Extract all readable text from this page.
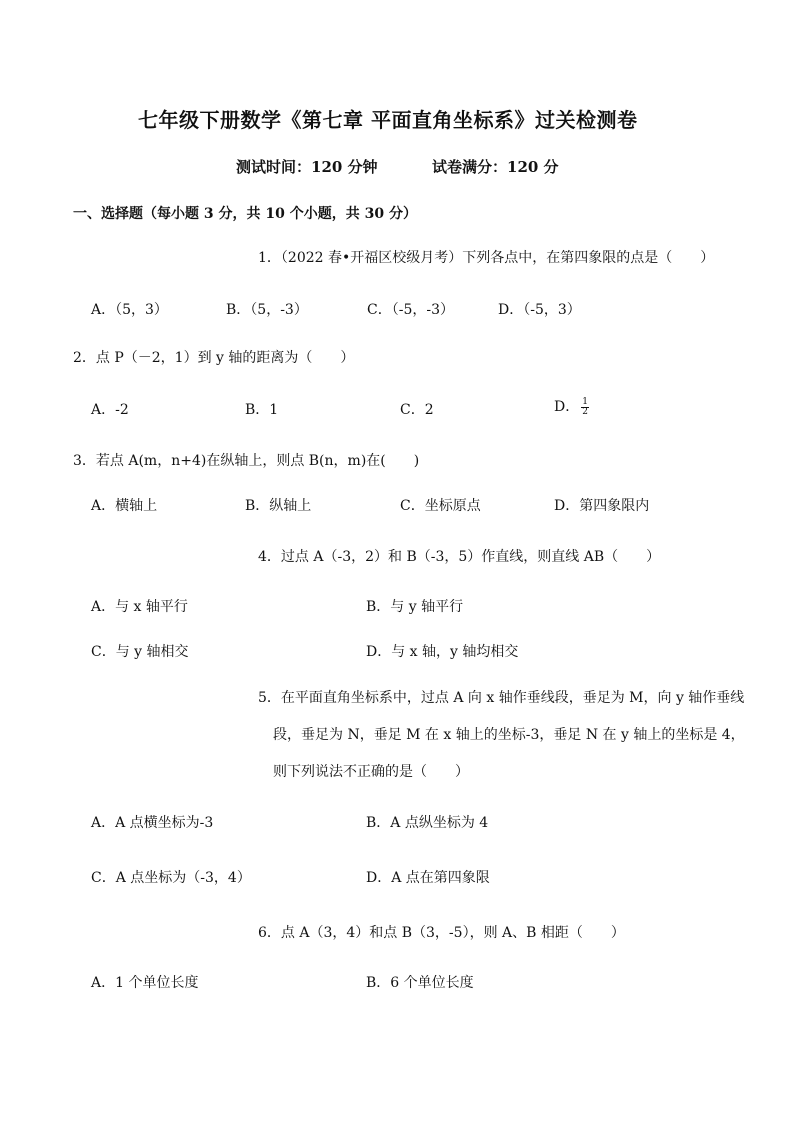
七年级下册数学《第七章 平面直角坐标系》过关检测卷
测试时间：120 分钟	试卷满分：120 分
一、选择题（每小题 3 分，共 10 个小题，共 30 分）
1．（2022 春•开福区校级月考）下列各点中，在第四象限的点是（　　）
A．（5，3）	B．（5，-3）	C．（-5，-3）	D．（-5，3）
2．点 P（－2，1）到 y 轴的距离为（　　）
A．-2	B．1	C．2	D． $\frac{1}{2}$
3．若点 A(m，n+4)在纵轴上，则点 B(n，m)在(　　)
A．横轴上	B．纵轴上	C．坐标原点	D．第四象限内
4．过点 A（-3，2）和 B（-3，5）作直线，则直线 AB（　　）
A．与 x 轴平行	B．与 y 轴平行
C．与 y 轴相交	D．与 x 轴，y 轴均相交
5．在平面直角坐标系中，过点 A 向 x 轴作垂线段，垂足为 M，向 y 轴作垂线
段，垂足为 N，垂足 M 在 x 轴上的坐标-3，垂足 N 在 y 轴上的坐标是 4，
则下列说法不正确的是（　　）
A．A 点横坐标为-3	B．A 点纵坐标为 4
C．A 点坐标为（-3，4）	D．A 点在第四象限
6．点 A（3，4）和点 B（3，-5），则 A、B 相距（　　）
A．1 个单位长度	B．6 个单位长度
